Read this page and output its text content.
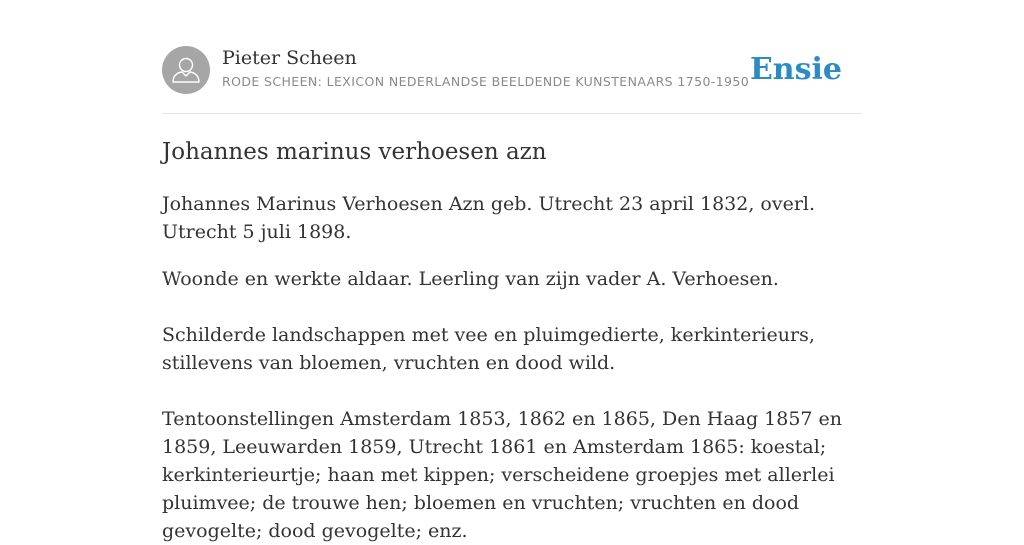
Pieter Scheen
RODE SCHEEN: LEXICON NEDERLANDSE BEELDENDE KUNSTENAARS 1750-1950 Ensie
Johannes marinus verhoesen azn

Johannes Marinus Verhoesen Azn geb. Utrecht 23 april 1832, overl. Utrecht 5 juli 1898.

Woonde en werkte aldaar. Leerling van zijn vader A. Verhoesen.

Schilderde landschappen met vee en pluimgedierte, kerkinterieurs, stillevens van bloemen, vruchten en dood wild.

Tentoonstellingen Amsterdam 1853, 1862 en 1865, Den Haag 1857 en 1859, Leeuwarden 1859, Utrecht 1861 en Amsterdam 1865: koestal; kerkinterieurtje; haan met kippen; verscheidene groepjes met allerlei pluimvee; de trouwe hen; bloemen en vruchten; vruchten en dood gevogelte; dood gevogelte; enz.
